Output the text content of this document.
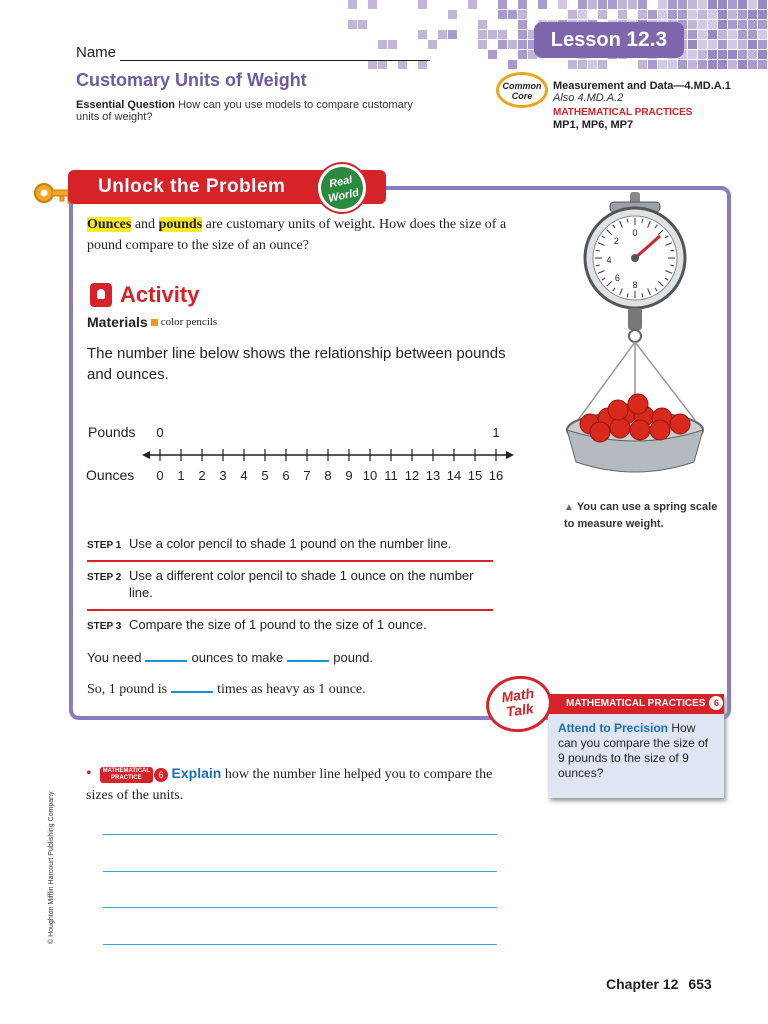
Lesson 12.3
Name
Customary Units of Weight
Essential Question How can you use models to compare customary units of weight?
Common
Core
Measurement and Data—4.MD.A.1
Also 4.MD.A.2
MATHEMATICAL PRACTICES
MP1, MP6, MP7
Unlock the Problem	Real
World
Ounces and pounds are customary units of weight. How does the size of a pound compare to the size of an ounce?
Activity
Materials color pencils
The number line below shows the relationship between pounds and ounces.
Pounds
Ounces 0 1 2 3 4 5 6 7 8 9 10 11 12 13 14 15 16
0	1
STEP 1 Use a color pencil to shade 1 pound on the number line.
STEP 2 Use a different color pencil to shade 1 ounce on the number line.
STEP 3 Compare the size of 1 pound to the size of 1 ounce.
You need	ounces to make	pound.
So, 1 pound is	times as heavy as 1 ounce.
0
2
4
6
8
▲ You can use a spring scale to measure weight.
MATHEMATICAL PRACTICES 6
Attend to Precision How can you compare the size of 9 pounds to the size of 9 ounces?
Math
Talk
• MATHEMATICAL
PRACTICE 6 Explain how the number line helped you to compare the sizes of the units.
© Houghton Mifflin Harcourt Publishing Company
Chapter 12 653
